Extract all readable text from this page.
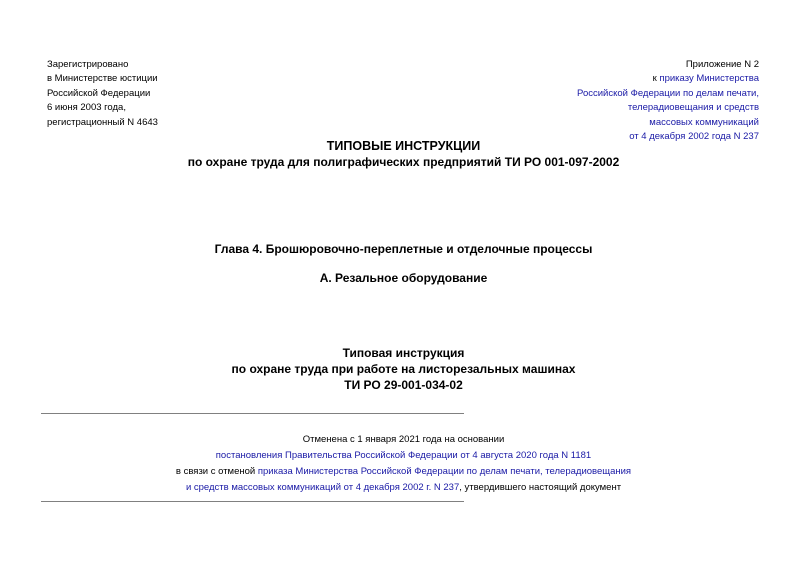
Зарегистрировано
в Министерстве юстиции
Российской Федерации
6 июня 2003 года,
регистрационный N 4643
Приложение N 2
к приказу Министерства
Российской Федерации по делам печати,
телерадиовещания и средств
массовых коммуникаций
от 4 декабря 2002 года N 237
ТИПОВЫЕ ИНСТРУКЦИИ
по охране труда для полиграфических предприятий ТИ РО 001-097-2002
Глава 4. Брошюровочно-переплетные и отделочные процессы
А. Резальное оборудование
Типовая инструкция
по охране труда при работе на листорезальных машинах
ТИ РО 29-001-034-02
Отменена с 1 января 2021 года на основании
постановления Правительства Российской Федерации от 4 августа 2020 года N 1181
в связи с отменой приказа Министерства Российской Федерации по делам печати, телерадиовещания
и средств массовых коммуникаций от 4 декабря 2002 г. N 237, утвердившего настоящий документ
